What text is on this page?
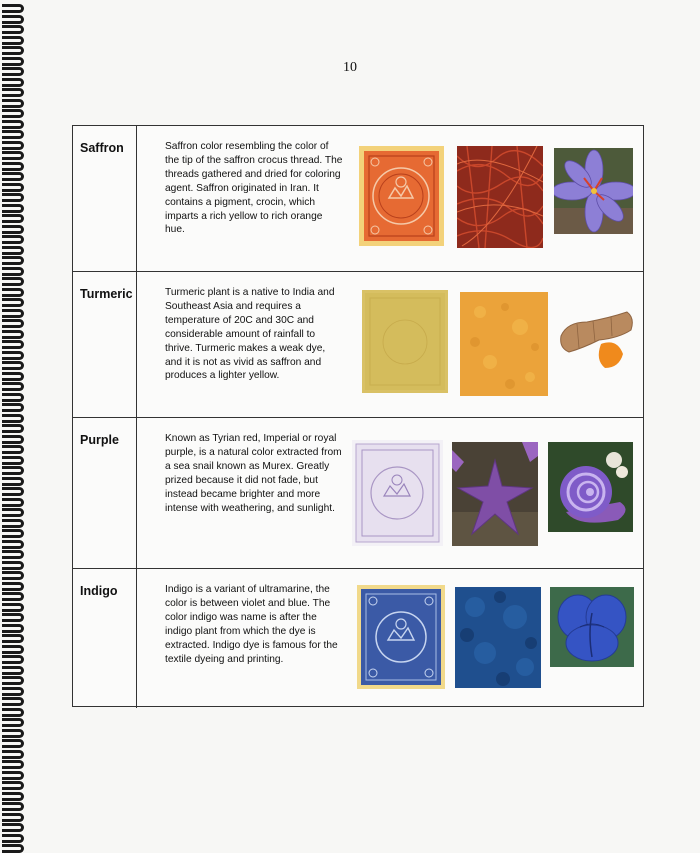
10
Saffron	Saffron color resembling the color of the tip of the saffron crocus thread. The threads gathered and dried for coloring agent. Saffron originated in Iran. It contains a pigment, crocin, which imparts a rich yellow to rich orange hue.
Turmeric	Turmeric plant is a native to India and Southeast Asia and requires a temperature of 20C and 30C and considerable amount of rainfall to thrive. Turmeric makes a weak dye, and it is not as vivid as saffron and produces a lighter yellow.
Purple	Known as Tyrian red, Imperial or royal purple, is a natural color extracted from a sea snail known as Murex. Greatly prized because it did not fade, but instead became brighter and more intense with weathering, and sunlight.
Indigo	Indigo is a variant of ultramarine, the color is between violet and blue. The color indigo was name is after the indigo plant from which the dye is extracted. Indigo dye is famous for the textile dyeing and printing.
